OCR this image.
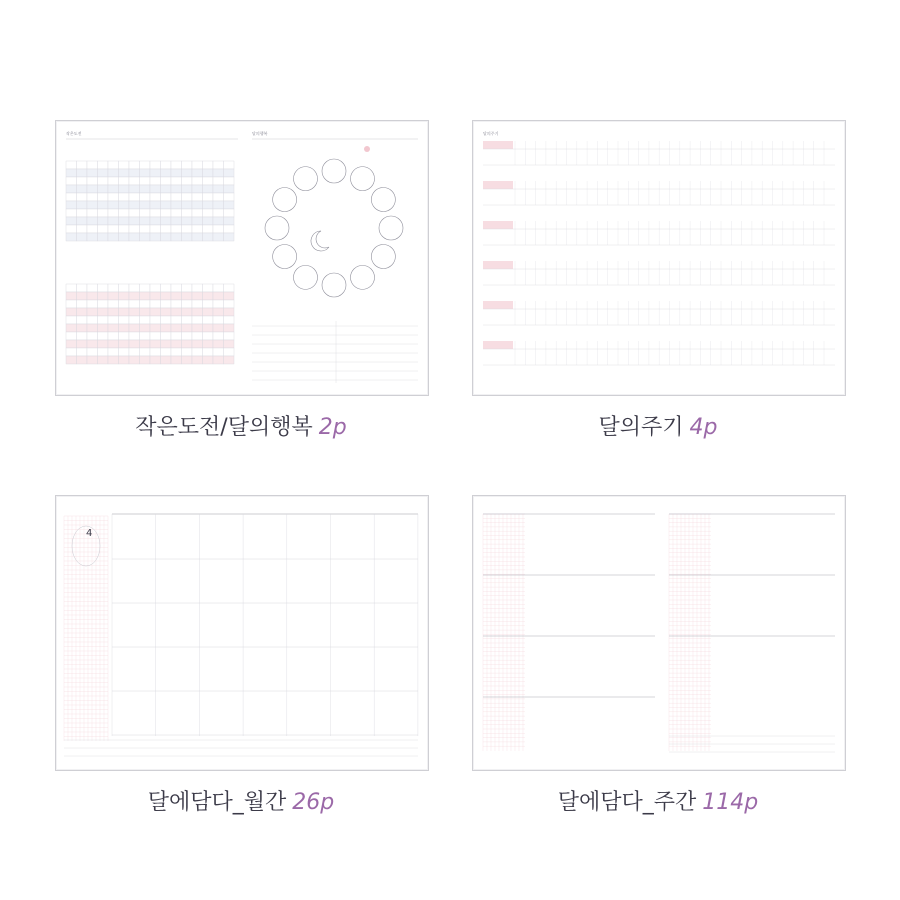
작은도전	달의행복
작은도전/달의행복 2p
달의주기
달의주기 4p
4
달에담다_월간 26p	달에담다_주간 114p
